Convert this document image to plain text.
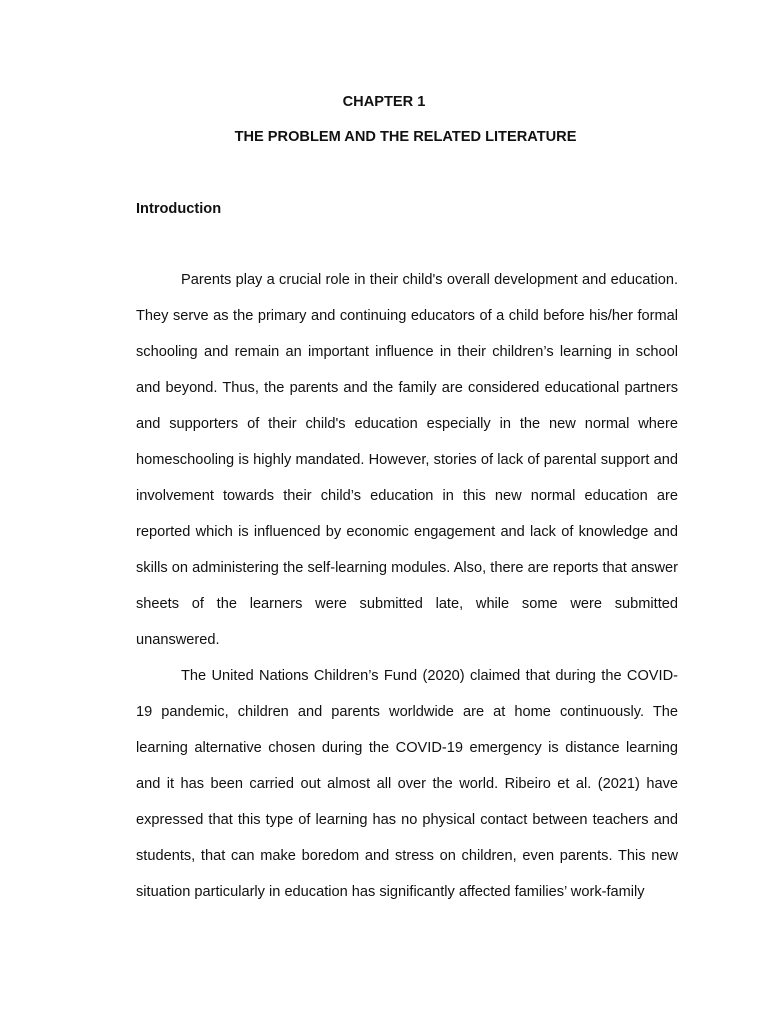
CHAPTER 1
THE PROBLEM AND THE RELATED LITERATURE
Introduction

Parents play a crucial role in their child's overall development and education. They serve as the primary and continuing educators of a child before his/her formal schooling and remain an important influence in their children’s learning in school and beyond. Thus, the parents and the family are considered educational partners and supporters of their child's education especially in the new normal where homeschooling is highly mandated. However, stories of lack of parental support and involvement towards their child’s education in this new normal education are reported which is influenced by economic engagement and lack of knowledge and skills on administering the self-learning modules. Also, there are reports that answer sheets of the learners were submitted late, while some were submitted unanswered.

The United Nations Children’s Fund (2020) claimed that during the COVID-19 pandemic, children and parents worldwide are at home continuously. The learning alternative chosen during the COVID-19 emergency is distance learning and it has been carried out almost all over the world. Ribeiro et al. (2021) have expressed that this type of learning has no physical contact between teachers and students, that can make boredom and stress on children, even parents. This new situation particularly in education has significantly affected families’ work-family
